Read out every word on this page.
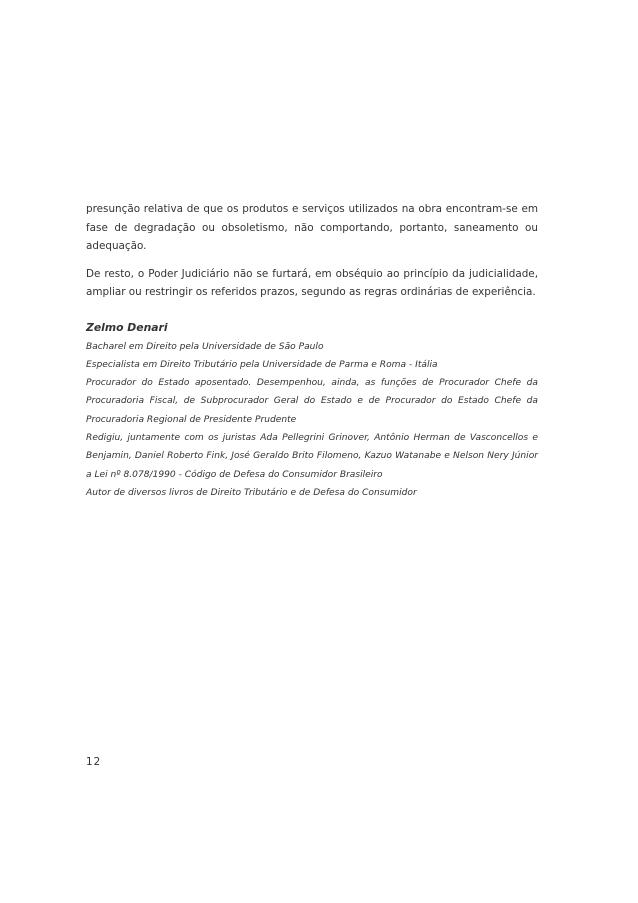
presunção relativa de que os produtos e serviços utilizados na obra encontram-se em fase de degradação ou obsoletismo, não comportando, portanto, saneamento ou adequação.

De resto, o Poder Judiciário não se furtará, em obséquio ao princípio da judicialidade, ampliar ou restringir os referidos prazos, segundo as regras ordinárias de experiência.

Zelmo Denari

Bacharel em Direito pela Universidade de São Paulo

Especialista em Direito Tributário pela Universidade de Parma e Roma - Itália

Procurador do Estado aposentado. Desempenhou, ainda, as funções de Procurador Chefe da Procuradoria Fiscal, de Subprocurador Geral do Estado e de Procurador do Estado Chefe da Procuradoria Regional de Presidente Prudente

Redigiu, juntamente com os juristas Ada Pellegrini Grinover, Antônio Herman de Vasconcellos e Benjamin, Daniel Roberto Fink, José Geraldo Brito Filomeno, Kazuo Watanabe e Nelson Nery Júnior a Lei nº 8.078/1990 - Código de Defesa do Consumidor Brasileiro

Autor de diversos livros de Direito Tributário e de Defesa do Consumidor

12
